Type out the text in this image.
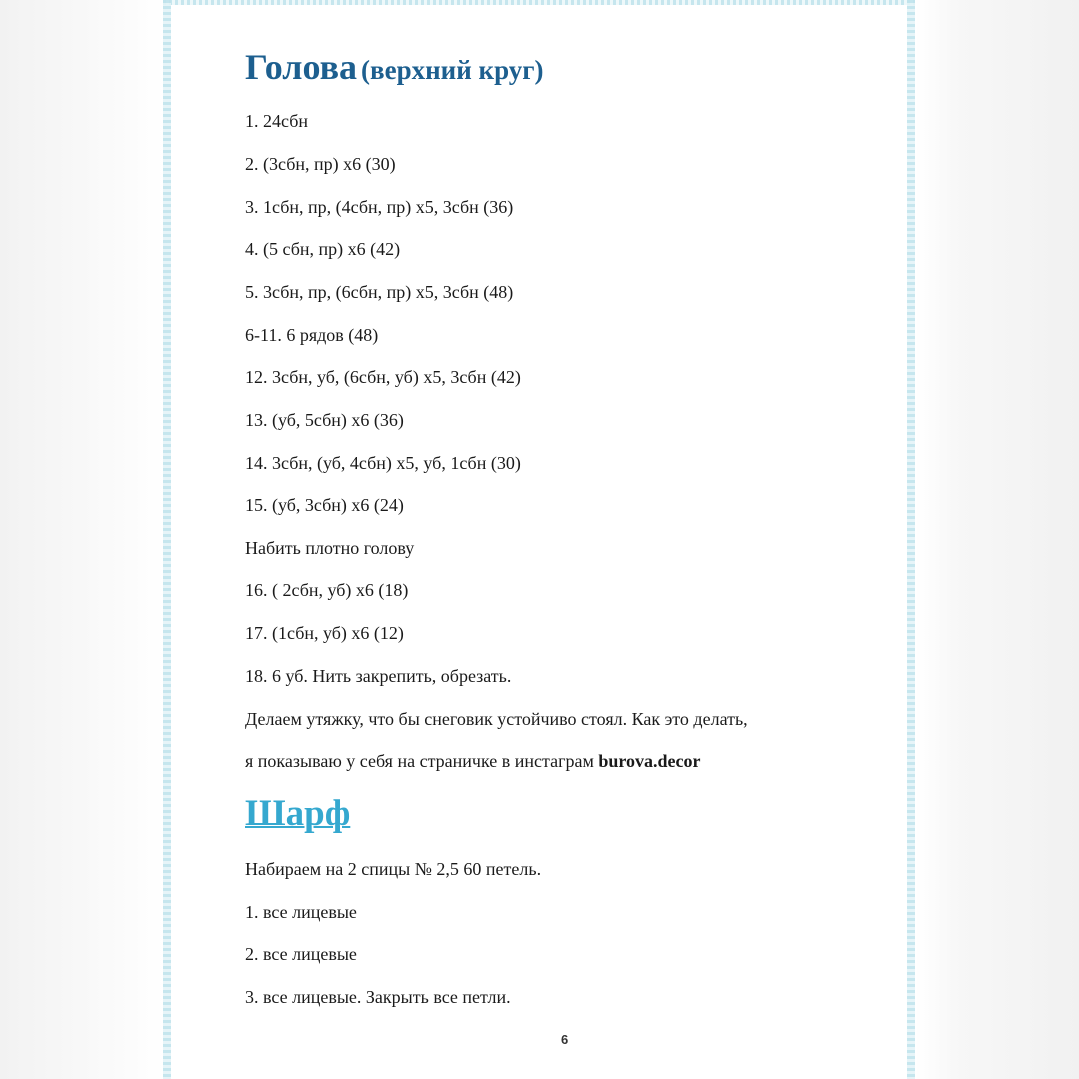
Голова (верхний круг)
1. 24сбн
2. (3сбн, пр) х6 (30)
3. 1сбн, пр, (4сбн, пр) х5, 3сбн (36)
4. (5 сбн, пр) х6 (42)
5. 3сбн, пр, (6сбн, пр) х5, 3сбн (48)
6-11. 6 рядов (48)
12. 3сбн, уб, (6сбн, уб) х5, 3сбн (42)
13. (уб, 5сбн) х6 (36)
14. 3сбн, (уб, 4сбн) х5, уб, 1сбн (30)
15. (уб, 3сбн) х6 (24)
Набить плотно голову
16. ( 2сбн, уб) х6 (18)
17. (1сбн, уб) х6 (12)
18. 6 уб. Нить закрепить, обрезать.
Делаем утяжку, что бы снеговик устойчиво стоял. Как это делать,
я показываю у себя на страничке в инстаграм burova.decor
Шарф
Набираем на 2 спицы № 2,5 60 петель.
1. все лицевые
2. все лицевые
3. все лицевые. Закрыть все петли.
6
